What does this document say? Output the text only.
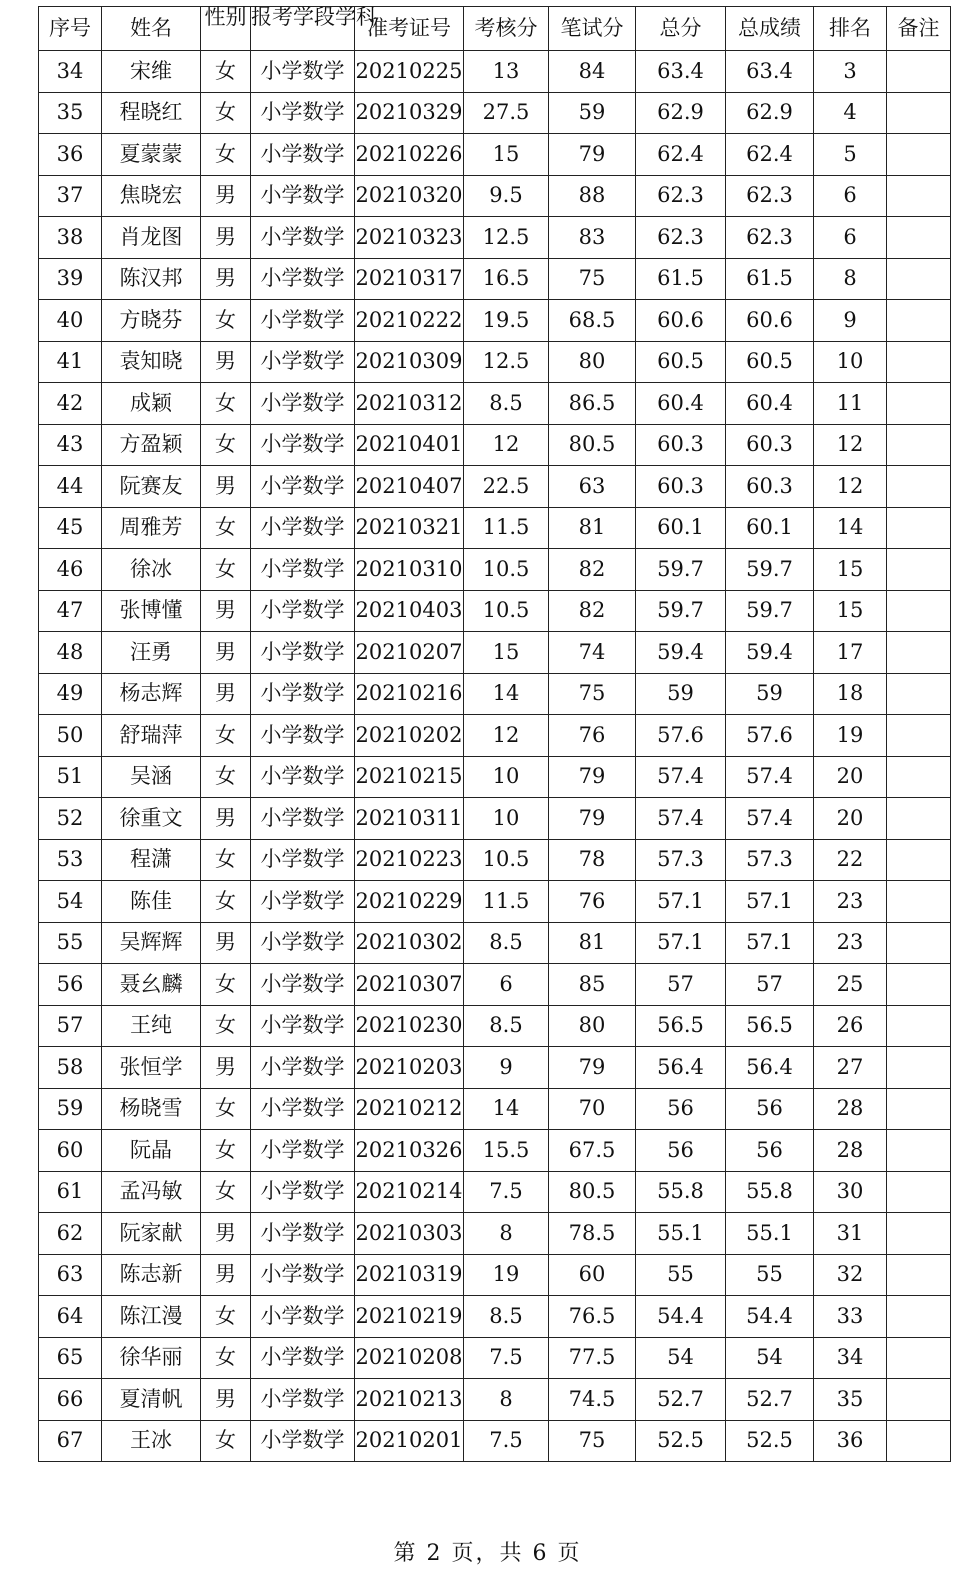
序号	姓名	性别	报考学段学科	准考证号	考核分	笔试分	总分	总成绩	排名	备注
34	宋维	女	小学数学	20210225	13	84	63.4	63.4	3	
35	程晓红	女	小学数学	20210329	27.5	59	62.9	62.9	4	
36	夏蒙蒙	女	小学数学	20210226	15	79	62.4	62.4	5	
37	焦晓宏	男	小学数学	20210320	9.5	88	62.3	62.3	6	
38	肖龙图	男	小学数学	20210323	12.5	83	62.3	62.3	6	
39	陈汉邦	男	小学数学	20210317	16.5	75	61.5	61.5	8	
40	方晓芬	女	小学数学	20210222	19.5	68.5	60.6	60.6	9	
41	袁知晓	男	小学数学	20210309	12.5	80	60.5	60.5	10	
42	成颖	女	小学数学	20210312	8.5	86.5	60.4	60.4	11	
43	方盈颖	女	小学数学	20210401	12	80.5	60.3	60.3	12	
44	阮赛友	男	小学数学	20210407	22.5	63	60.3	60.3	12	
45	周雅芳	女	小学数学	20210321	11.5	81	60.1	60.1	14	
46	徐冰	女	小学数学	20210310	10.5	82	59.7	59.7	15	
47	张博懂	男	小学数学	20210403	10.5	82	59.7	59.7	15	
48	汪勇	男	小学数学	20210207	15	74	59.4	59.4	17	
49	杨志辉	男	小学数学	20210216	14	75	59	59	18	
50	舒瑞萍	女	小学数学	20210202	12	76	57.6	57.6	19	
51	吴涵	女	小学数学	20210215	10	79	57.4	57.4	20	
52	徐重文	男	小学数学	20210311	10	79	57.4	57.4	20	
53	程潇	女	小学数学	20210223	10.5	78	57.3	57.3	22	
54	陈佳	女	小学数学	20210229	11.5	76	57.1	57.1	23	
55	吴辉辉	男	小学数学	20210302	8.5	81	57.1	57.1	23	
56	聂幺麟	女	小学数学	20210307	6	85	57	57	25	
57	王纯	女	小学数学	20210230	8.5	80	56.5	56.5	26	
58	张恒学	男	小学数学	20210203	9	79	56.4	56.4	27	
59	杨晓雪	女	小学数学	20210212	14	70	56	56	28	
60	阮晶	女	小学数学	20210326	15.5	67.5	56	56	28	
61	孟冯敏	女	小学数学	20210214	7.5	80.5	55.8	55.8	30	
62	阮家献	男	小学数学	20210303	8	78.5	55.1	55.1	31	
63	陈志新	男	小学数学	20210319	19	60	55	55	32	
64	陈江漫	女	小学数学	20210219	8.5	76.5	54.4	54.4	33	
65	徐华丽	女	小学数学	20210208	7.5	77.5	54	54	34	
66	夏清帆	男	小学数学	20210213	8	74.5	52.7	52.7	35	
67	王冰	女	小学数学	20210201	7.5	75	52.5	52.5	36	
第 2 页，共 6 页
